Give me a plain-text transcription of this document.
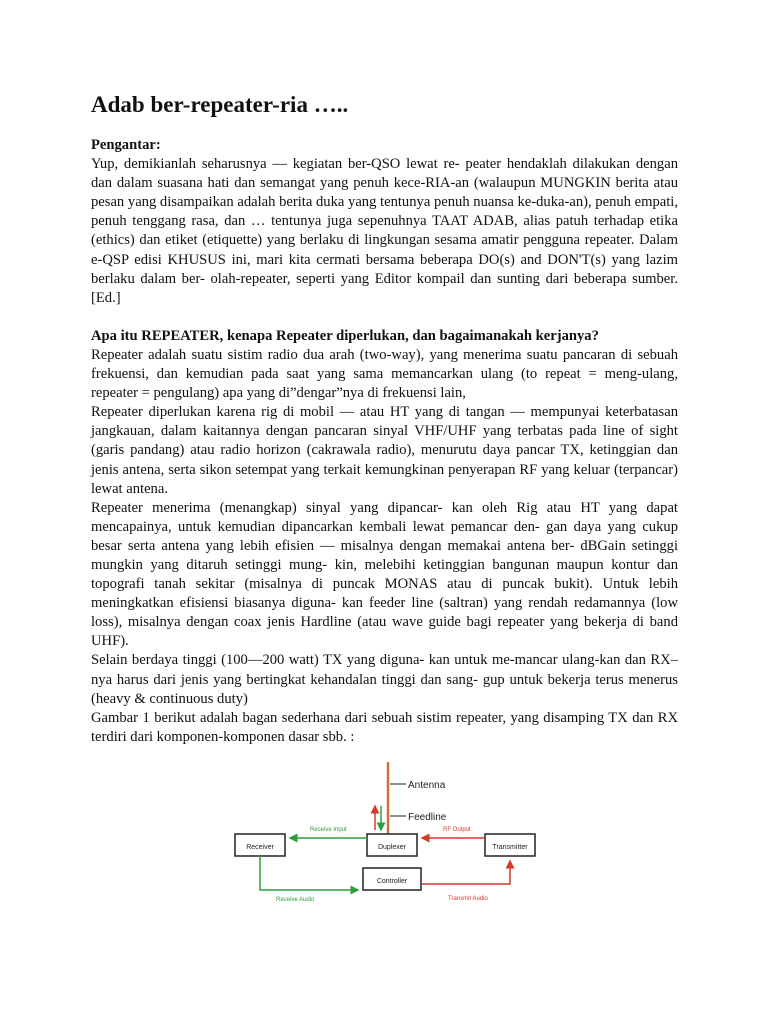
Adab ber-repeater-ria …..

Pengantar:

Yup, demikianlah seharusnya — kegiatan ber-QSO lewat re- peater hendaklah dilakukan dengan dan dalam suasana hati dan semangat yang penuh kece-RIA-an (walaupun MUNGKIN berita atau pesan yang disampaikan adalah berita duka yang tentunya penuh nuansa ke-duka-an), penuh empati, penuh tenggang rasa, dan … tentunya juga sepenuhnya TAAT ADAB, alias patuh terhadap etika (ethics) dan etiket (etiquette) yang berlaku di lingkungan sesama amatir pengguna repeater. Dalam e-QSP edisi KHUSUS ini, mari kita cermati bersama beberapa DO(s) and DON'T(s) yang lazim berlaku dalam ber- olah-repeater, seperti yang Editor kompail dan sunting dari beberapa sumber. [Ed.]

Apa itu REPEATER, kenapa Repeater diperlukan, dan bagaimanakah kerjanya?

Repeater adalah suatu sistim radio dua arah (two-way), yang menerima suatu pancaran di sebuah frekuensi, dan kemudian pada saat yang sama memancarkan ulang (to repeat = meng-ulang, repeater = pengulang) apa yang di”dengar”nya di frekuensi lain,

Repeater diperlukan karena rig di mobil — atau HT yang di tangan — mempunyai keterbatasan jangkauan, dalam kaitannya dengan pancaran sinyal VHF/UHF yang terbatas pada line of sight (garis pandang) atau radio horizon (cakrawala radio), menurutu daya pancar TX, ketinggian dan jenis antena, serta sikon setempat yang terkait kemungkinan penyerapan RF yang keluar (terpancar) lewat antena.

Repeater menerima (menangkap) sinyal yang dipancar- kan oleh Rig atau HT yang dapat mencapainya, untuk kemudian dipancarkan kembali lewat pemancar den- gan daya yang cukup besar serta antena yang lebih efisien — misalnya dengan memakai antena ber- dBGain setinggi mungkin yang ditaruh setinggi mung- kin, melebihi ketinggian bangunan maupun kontur dan topografi tanah sekitar (misalnya di puncak MONAS atau di puncak bukit). Untuk lebih meningkatkan efisiensi biasanya diguna- kan feeder line (saltran) yang rendah redamannya (low loss), misalnya dengan coax jenis Hardline (atau wave guide bagi repeater yang bekerja di band UHF).

Selain berdaya tinggi (100—200 watt) TX yang diguna- kan untuk me-mancar ulang-kan dan RX–nya harus dari jenis yang bertingkat kehandalan tinggi dan sang- gup untuk bekerja terus menerus (heavy & continuous duty)

Gambar 1 berikut adalah bagan sederhana dari sebuah sistim repeater, yang disamping TX dan RX terdiri dari komponen-komponen dasar sbb. :

Antenna
Feedline
Receiver	Duplexer	Transmitter
Controller
Receive Input	RF Output
Receive Audio	Transmit Audio
